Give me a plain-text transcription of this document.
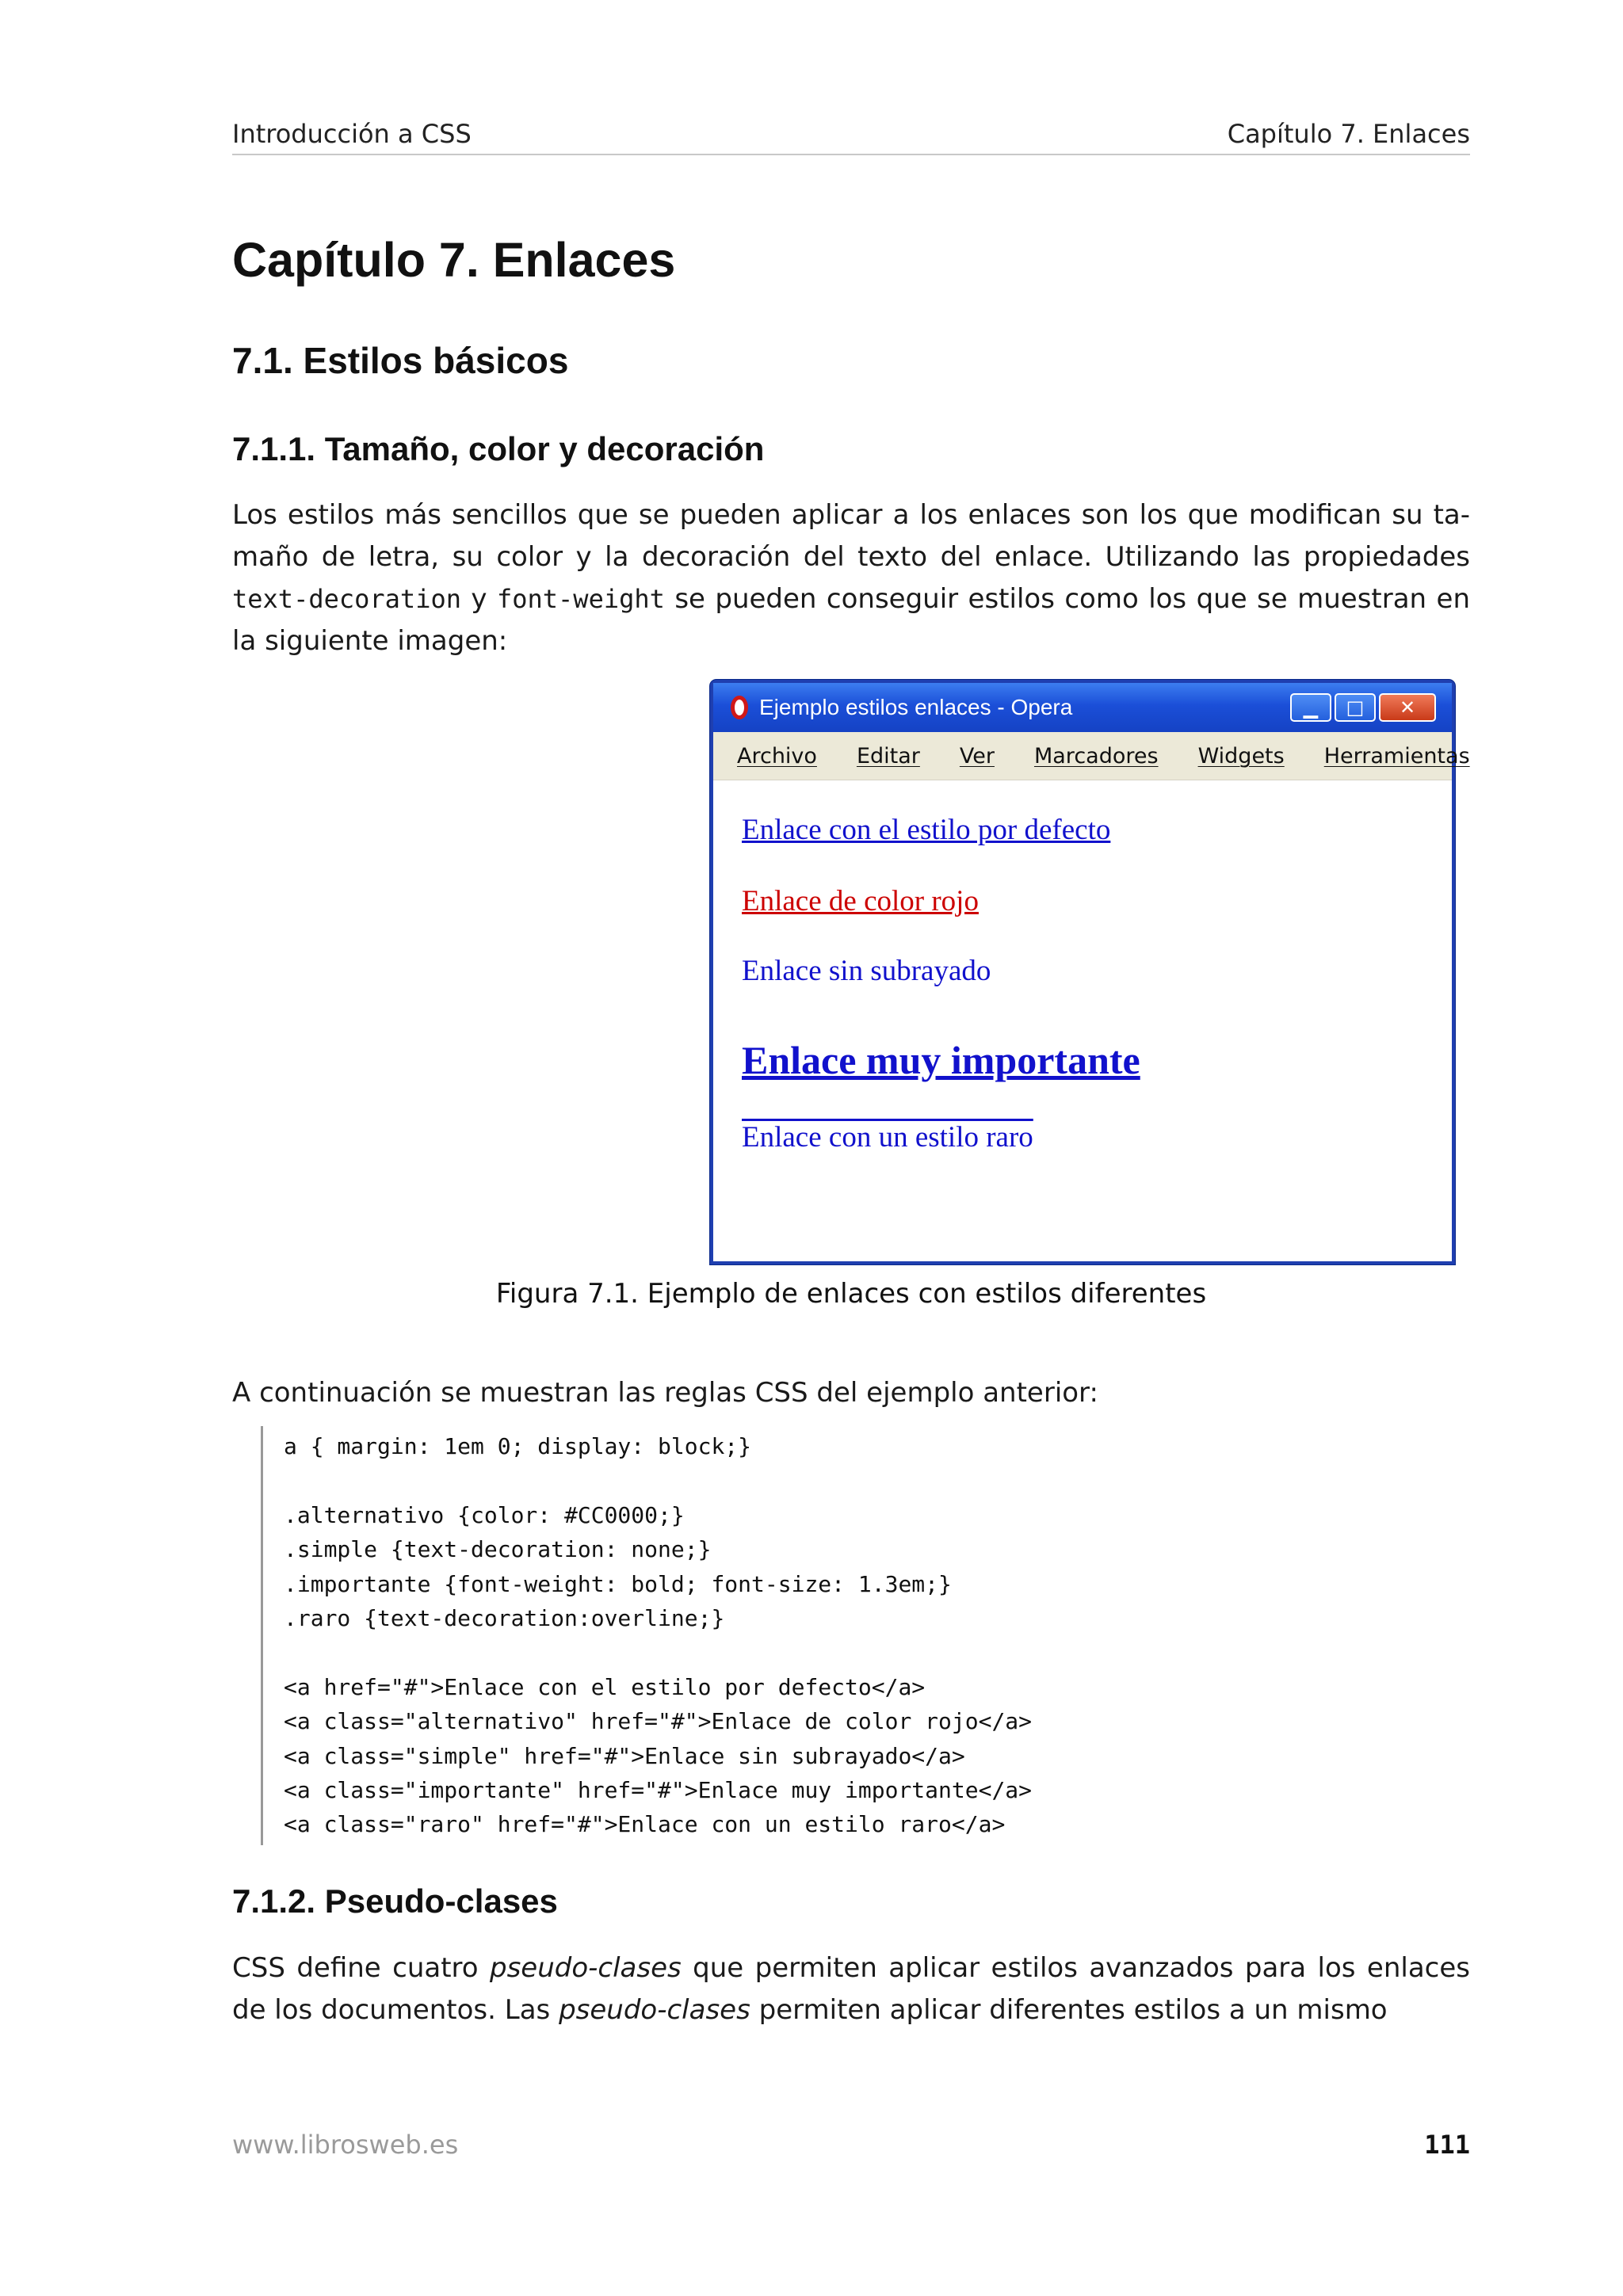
Introducción a CSS	Capítulo 7. Enlaces
Capítulo 7. Enlaces
7.1. Estilos básicos
7.1.1. Tamaño, color y decoración

Los estilos más sencillos que se pueden aplicar a los enlaces son los que modifican su ta-maño de letra, su color y la decoración del texto del enlace. Utilizando las propiedades text-decoration y font-weight se pueden conseguir estilos como los que se muestran en la siguiente imagen:

Ejemplo estilos enlaces - Opera	▁	□	✕
Archivo Editar Ver Marcadores Widgets Herramientas
Enlace con el estilo por defecto
Enlace de color rojo
Enlace sin subrayado
Enlace muy importante
Enlace con un estilo raro
Figura 7.1. Ejemplo de enlaces con estilos diferentes

A continuación se muestran las reglas CSS del ejemplo anterior:

a { margin: 1em 0; display: block;}

.alternativo {color: #CC0000;}
.simple {text-decoration: none;}
.importante {font-weight: bold; font-size: 1.3em;}
.raro {text-decoration:overline;}

<a href="#">Enlace con el estilo por defecto</a>
<a class="alternativo" href="#">Enlace de color rojo</a>
<a class="simple" href="#">Enlace sin subrayado</a>
<a class="importante" href="#">Enlace muy importante</a>
<a class="raro" href="#">Enlace con un estilo raro</a>
7.1.2. Pseudo-clases

CSS define cuatro pseudo-clases que permiten aplicar estilos avanzados para los enlaces de los documentos. Las pseudo-clases permiten aplicar diferentes estilos a un mismo

www.librosweb.es	111
